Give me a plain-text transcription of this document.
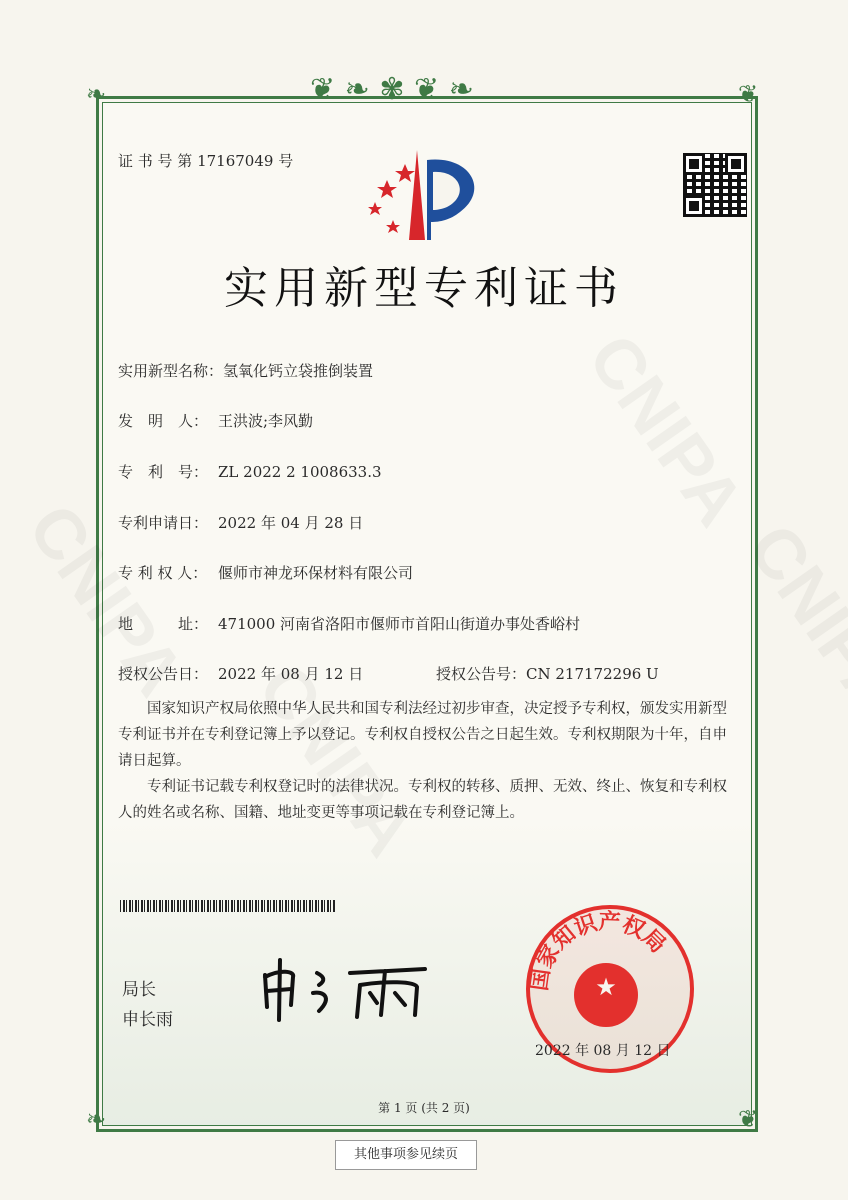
❦ ❧ ✾ ❦ ❧
❧	❦
❧	❦
证 书 号 第 17167049 号
实用新型专利证书
实用新型名称：氢氧化钙立袋推倒装置
发　明　人： 王洪波;李风勤
专　利　号： ZL 2022 2 1008633.3
专利申请日： 2022 年 04 月 28 日
专 利 权 人： 偃师市神龙环保材料有限公司
地　　　址： 471000 河南省洛阳市偃师市首阳山街道办事处香峪村
授权公告日： 2022 年 08 月 12 日	授权公告号：CN 217172296 U

国家知识产权局依照中华人民共和国专利法经过初步审查，决定授予专利权，颁发实用新型专利证书并在专利登记簿上予以登记。专利权自授权公告之日起生效。专利权期限为十年，自申请日起算。

专利证书记载专利权登记时的法律状况。专利权的转移、质押、无效、终止、恢复和专利权人的姓名或名称、国籍、地址变更等事项记载在专利登记簿上。

局长
申长雨
国家知识产权局
★
2022 年 08 月 12 日
第 1 页 (共 2 页)
其他事项参见续页
